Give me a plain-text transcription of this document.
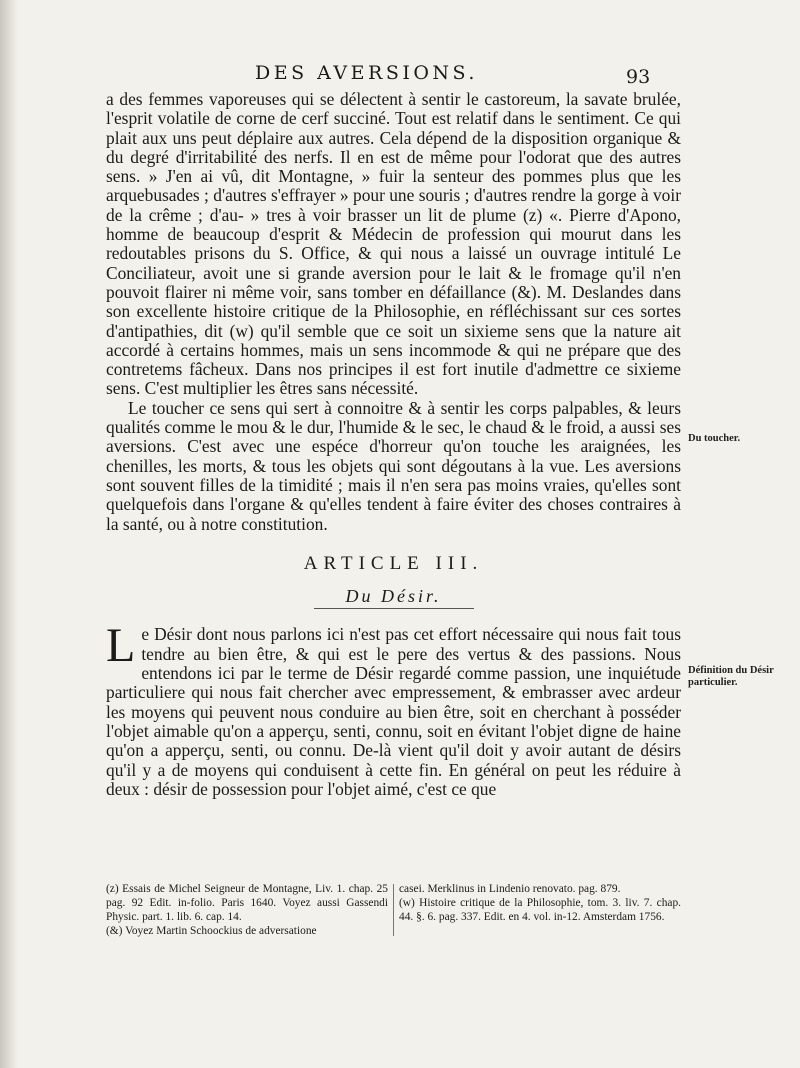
DES AVERSIONS.	93

a des femmes vaporeuses qui se délectent à sentir le castoreum, la savate brulée, l'esprit volatile de corne de cerf succiné. Tout est relatif dans le sentiment. Ce qui plait aux uns peut déplaire aux autres. Cela dépend de la disposition organique & du degré d'irritabilité des nerfs. Il en est de même pour l'odorat que des autres sens. » J'en ai vû, dit Montagne, » fuir la senteur des pommes plus que les arquebusades ; d'autres s'effrayer » pour une souris ; d'autres rendre la gorge à voir de la crême ; d'au- » tres à voir brasser un lit de plume (z) «. Pierre d'Apono, homme de beaucoup d'esprit & Médecin de profession qui mourut dans les redoutables prisons du S. Office, & qui nous a laissé un ouvrage intitulé Le Conciliateur, avoit une si grande aversion pour le lait & le fromage qu'il n'en pouvoit flairer ni même voir, sans tomber en défaillance (&). M. Deslandes dans son excellente histoire critique de la Philosophie, en réfléchissant sur ces sortes d'antipathies, dit (w) qu'il semble que ce soit un sixieme sens que la nature ait accordé à certains hommes, mais un sens incommode & qui ne prépare que des contretems fâcheux. Dans nos principes il est fort inutile d'admettre ce sixieme sens. C'est multiplier les êtres sans nécessité.

Le toucher ce sens qui sert à connoitre & à sentir les corps palpables, & leurs qualités comme le mou & le dur, l'humide & le sec, le chaud & le froid, a aussi ses aversions. C'est avec une espéce d'horreur qu'on touche les araignées, les chenilles, les morts, & tous les objets qui sont dégoutans à la vue. Les aversions sont souvent filles de la timidité ; mais il n'en sera pas moins vraies, qu'elles sont quelquefois dans l'organe & qu'elles tendent à faire éviter des choses contraires à la santé, ou à notre constitution.

ARTICLE III.

Du Désir.

Le Désir dont nous parlons ici n'est pas cet effort nécessaire qui nous fait tous tendre au bien être, & qui est le pere des vertus & des passions. Nous entendons ici par le terme de Désir regardé comme passion, une inquiétude particuliere qui nous fait chercher avec empressement, & embrasser avec ardeur les moyens qui peuvent nous conduire au bien être, soit en cherchant à posséder l'objet aimable qu'on a apperçu, senti, connu, soit en évitant l'objet digne de haine qu'on a apperçu, senti, ou connu. De-là vient qu'il doit y avoir autant de désirs qu'il y a de moyens qui conduisent à cette fin. En général on peut les réduire à deux : désir de possession pour l'objet aimé, c'est ce que

Du toucher.
Définition du Désir particulier.

(z) Essais de Michel Seigneur de Montagne, Liv. 1. chap. 25 pag. 92 Edit. in-folio. Paris 1640. Voyez aussi Gassendi Physic. part. 1. lib. 6. cap. 14.

(&) Voyez Martin Schoockius de adversatione

casei. Merklinus in Lindenio renovato. pag. 879.

(w) Histoire critique de la Philosophie, tom. 3. liv. 7. chap. 44. §. 6. pag. 337. Edit. en 4. vol. in-12. Amsterdam 1756.
